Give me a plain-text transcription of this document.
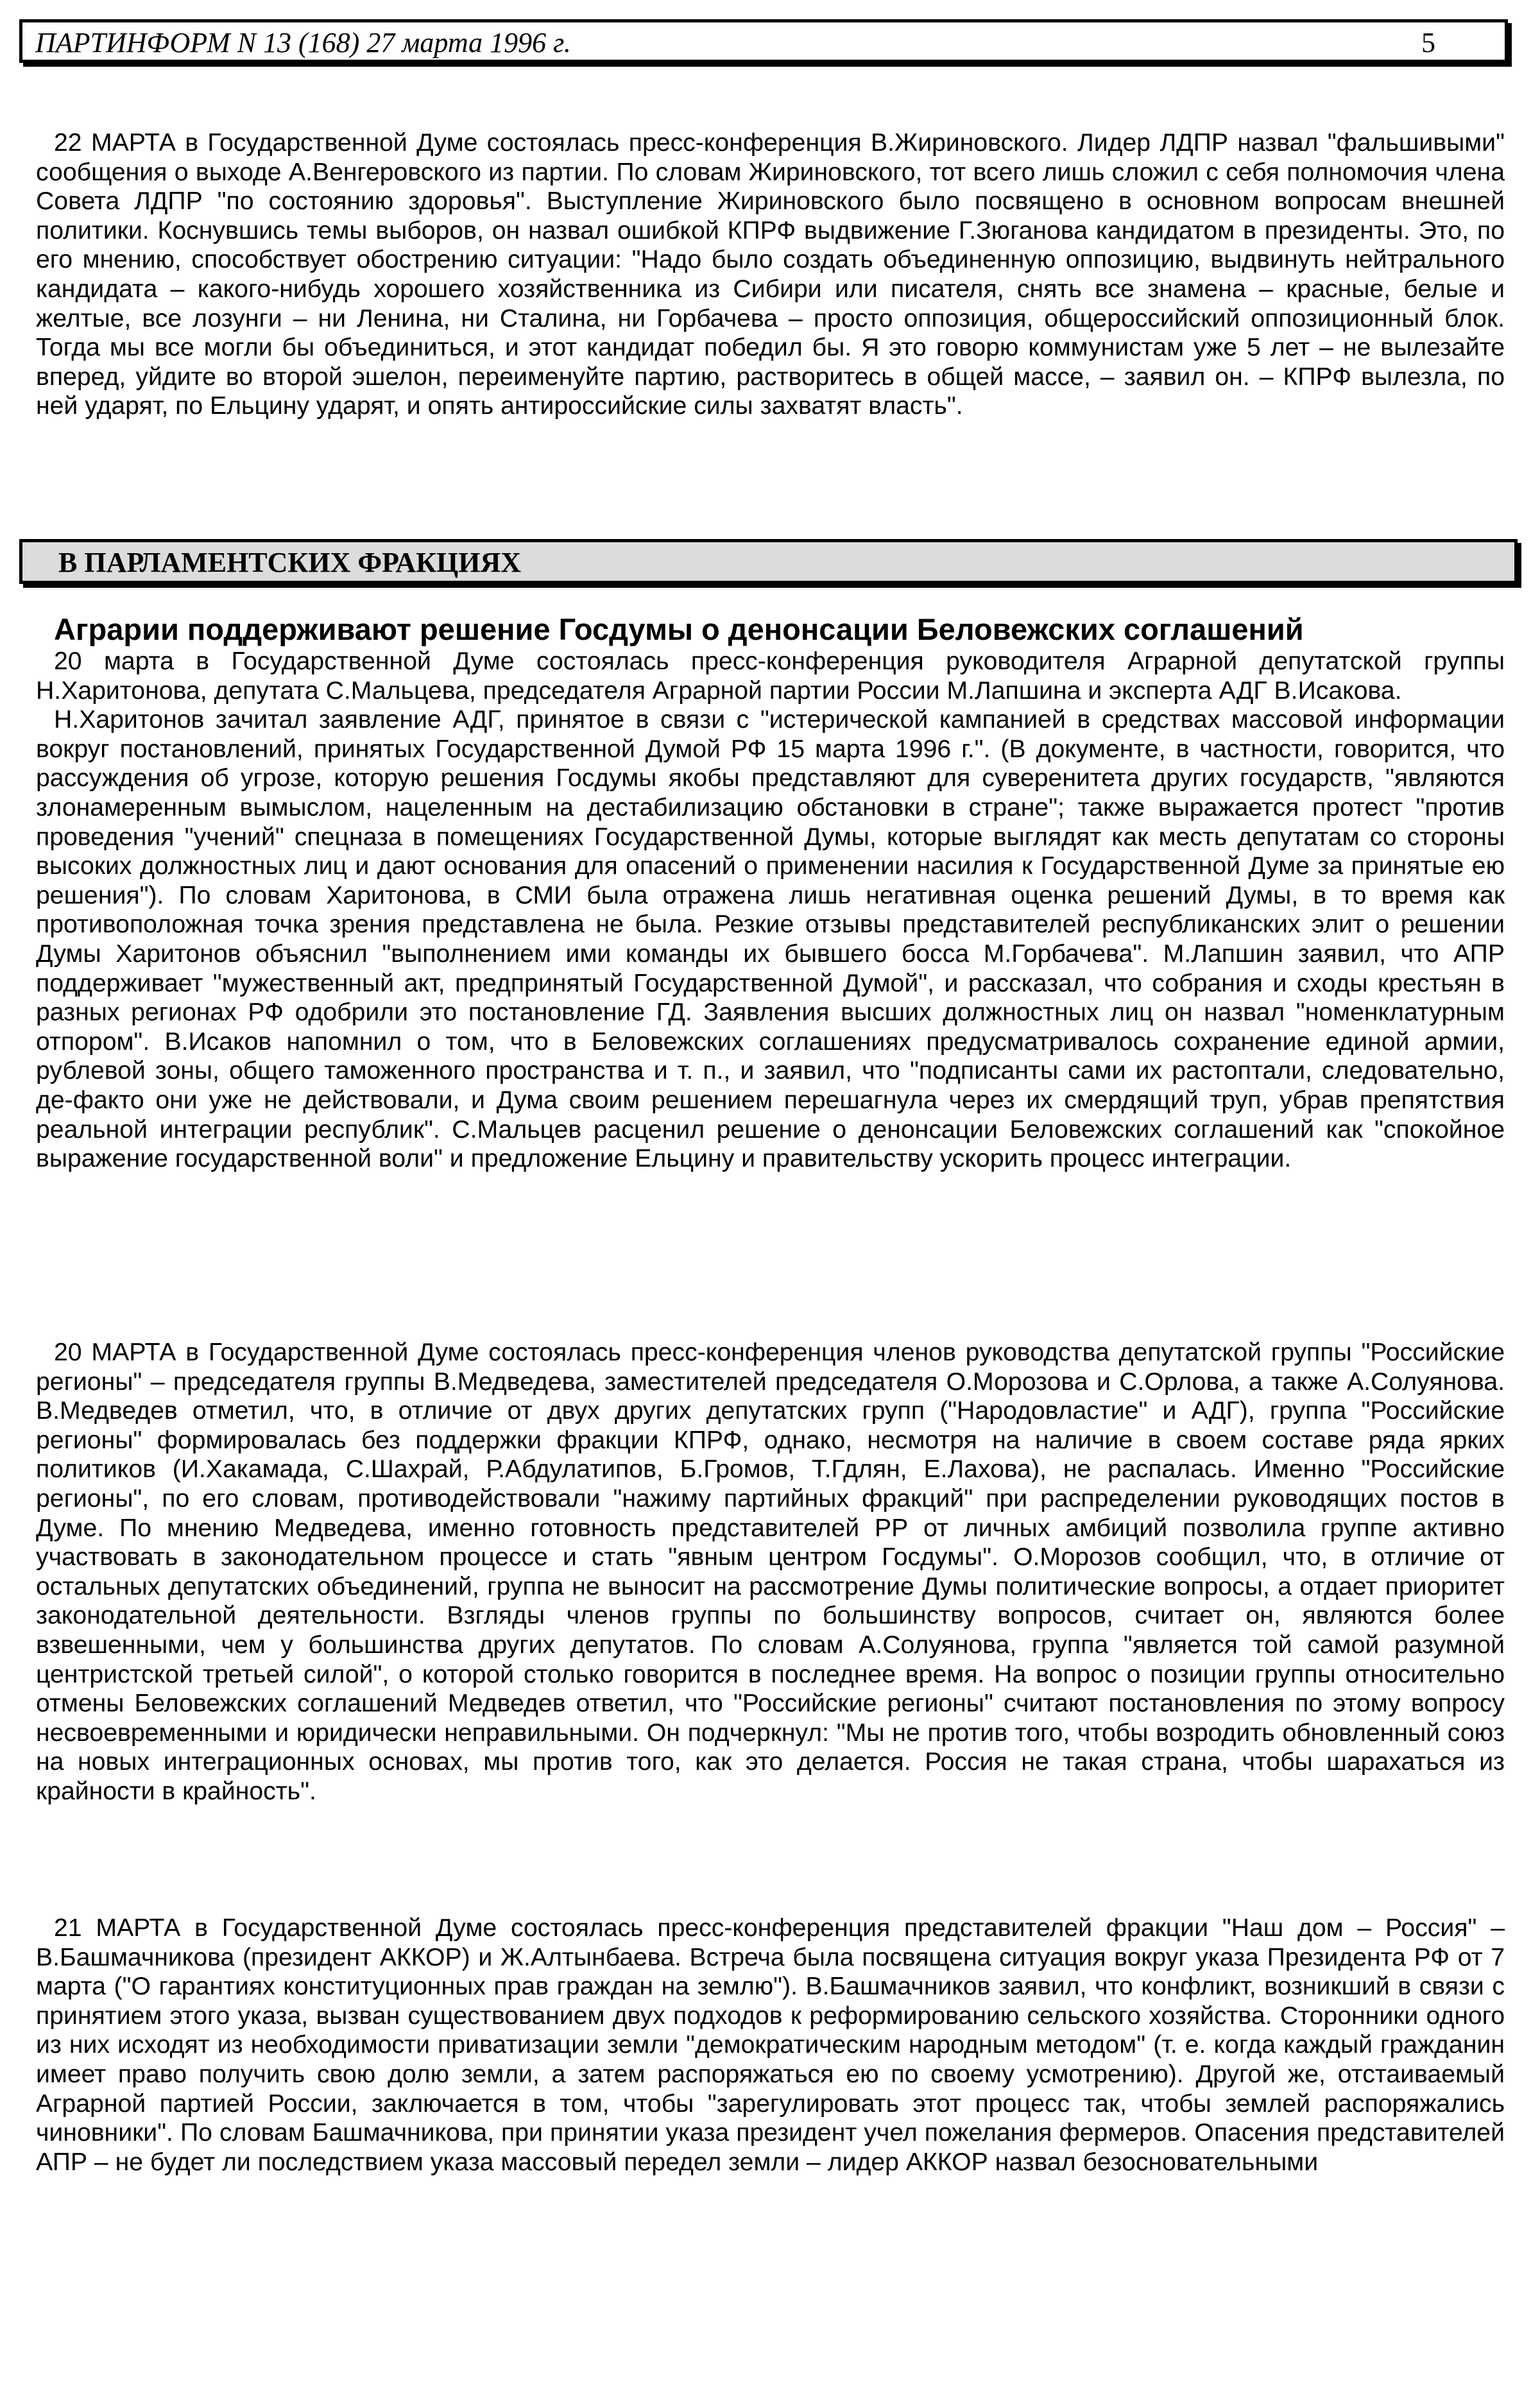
ПАРТИНФОРМ N 13 (168) 27 марта 1996 г.	5

22 МАРТА в Государственной Думе состоялась пресс-конференция В.Жириновского. Лидер ЛДПР назвал "фальшивыми" сообщения о выходе А.Венгеровского из партии. По словам Жириновского, тот всего лишь сложил с себя полномочия члена Совета ЛДПР "по состоянию здоровья". Выступление Жириновского было посвящено в основном вопросам внешней политики. Коснувшись темы выборов, он назвал ошибкой КПРФ выдвижение Г.Зюганова кандидатом в президенты. Это, по его мнению, способствует обострению ситуации: "Надо было создать объединенную оппозицию, выдвинуть нейтрального кандидата – какого-нибудь хорошего хозяйственника из Сибири или писателя, снять все знамена – красные, белые и желтые, все лозунги – ни Ленина, ни Сталина, ни Горбачева – просто оппозиция, общероссийский оппозиционный блок. Тогда мы все могли бы объединиться, и этот кандидат победил бы. Я это говорю коммунистам уже 5 лет – не вылезайте вперед, уйдите во второй эшелон, переименуйте партию, растворитесь в общей массе, – заявил он. – КПРФ вылезла, по ней ударят, по Ельцину ударят, и опять антироссийские силы захватят власть".

В ПАРЛАМЕНТСКИХ ФРАКЦИЯХ
Аграрии поддерживают решение Госдумы о денонсации Беловежских соглашений

20 марта в Государственной Думе состоялась пресс-конференция руководителя Аграрной депутатской группы Н.Харитонова, депутата С.Мальцева, председателя Аграрной партии России М.Лапшина и эксперта АДГ В.Исакова.

Н.Харитонов зачитал заявление АДГ, принятое в связи с "истерической кампанией в средствах массовой информации вокруг постановлений, принятых Государственной Думой РФ 15 марта 1996 г.". (В документе, в частности, говорится, что рассуждения об угрозе, которую решения Госдумы якобы представляют для суверенитета других государств, "являются злонамеренным вымыслом, нацеленным на дестабилизацию обстановки в стране"; также выражается протест "против проведения "учений" спецназа в помещениях Государственной Думы, которые выглядят как месть депутатам со стороны высоких должностных лиц и дают основания для опасений о применении насилия к Государственной Думе за принятые ею решения"). По словам Харитонова, в СМИ была отражена лишь негативная оценка решений Думы, в то время как противоположная точка зрения представлена не была. Резкие отзывы представителей республиканских элит о решении Думы Харитонов объяснил "выполнением ими команды их бывшего босса М.Горбачева". М.Лапшин заявил, что АПР поддерживает "мужественный акт, предпринятый Государственной Думой", и рассказал, что собрания и сходы крестьян в разных регионах РФ одобрили это постановление ГД. Заявления высших должностных лиц он назвал "номенклатурным отпором". В.Исаков напомнил о том, что в Беловежских соглашениях предусматривалось сохранение единой армии, рублевой зоны, общего таможенного пространства и т. п., и заявил, что "подписанты сами их растоптали, следовательно, де-факто они уже не действовали, и Дума своим решением перешагнула через их смердящий труп, убрав препятствия реальной интеграции республик". С.Мальцев расценил решение о денонсации Беловежских соглашений как "спокойное выражение государственной воли" и предложение Ельцину и правительству ускорить процесс интеграции.

20 МАРТА в Государственной Думе состоялась пресс-конференция членов руководства депутатской группы "Российские регионы" – председателя группы В.Медведева, заместителей председателя О.Морозова и С.Орлова, а также А.Солуянова. В.Медведев отметил, что, в отличие от двух других депутатских групп ("Народовластие" и АДГ), группа "Российские регионы" формировалась без поддержки фракции КПРФ, однако, несмотря на наличие в своем составе ряда ярких политиков (И.Хакамада, С.Шахрай, Р.Абдулатипов, Б.Громов, Т.Гдлян, Е.Лахова), не распалась. Именно "Российские регионы", по его словам, противодействовали "нажиму партийных фракций" при распределении руководящих постов в Думе. По мнению Медведева, именно готовность представителей РР от личных амбиций позволила группе активно участвовать в законодательном процессе и стать "явным центром Госдумы". О.Морозов сообщил, что, в отличие от остальных депутатских объединений, группа не выносит на рассмотрение Думы политические вопросы, а отдает приоритет законодательной деятельности. Взгляды членов группы по большинству вопросов, считает он, являются более взвешенными, чем у большинства других депутатов. По словам А.Солуянова, группа "является той самой разумной центристской третьей силой", о которой столько говорится в последнее время. На вопрос о позиции группы относительно отмены Беловежских соглашений Медведев ответил, что "Российские регионы" считают постановления по этому вопросу несвоевременными и юридически неправильными. Он подчеркнул: "Мы не против того, чтобы возродить обновленный союз на новых интеграционных основах, мы против того, как это делается. Россия не такая страна, чтобы шарахаться из крайности в крайность".

21 МАРТА в Государственной Думе состоялась пресс-конференция представителей фракции "Наш дом – Россия" – В.Башмачникова (президент АККОР) и Ж.Алтынбаева. Встреча была посвящена ситуация вокруг указа Президента РФ от 7 марта ("О гарантиях конституционных прав граждан на землю"). В.Башмачников заявил, что конфликт, возникший в связи с принятием этого указа, вызван существованием двух подходов к реформированию сельского хозяйства. Сторонники одного из них исходят из необходимости приватизации земли "демократическим народным методом" (т. е. когда каждый гражданин имеет право получить свою долю земли, а затем распоряжаться ею по своему усмотрению). Другой же, отстаиваемый Аграрной партией России, заключается в том, чтобы "зарегулировать этот процесс так, чтобы землей распоряжались чиновники". По словам Башмачникова, при принятии указа президент учел пожелания фермеров. Опасения представителей АПР – не будет ли последствием указа массовый передел земли – лидер АККОР назвал безосновательными
